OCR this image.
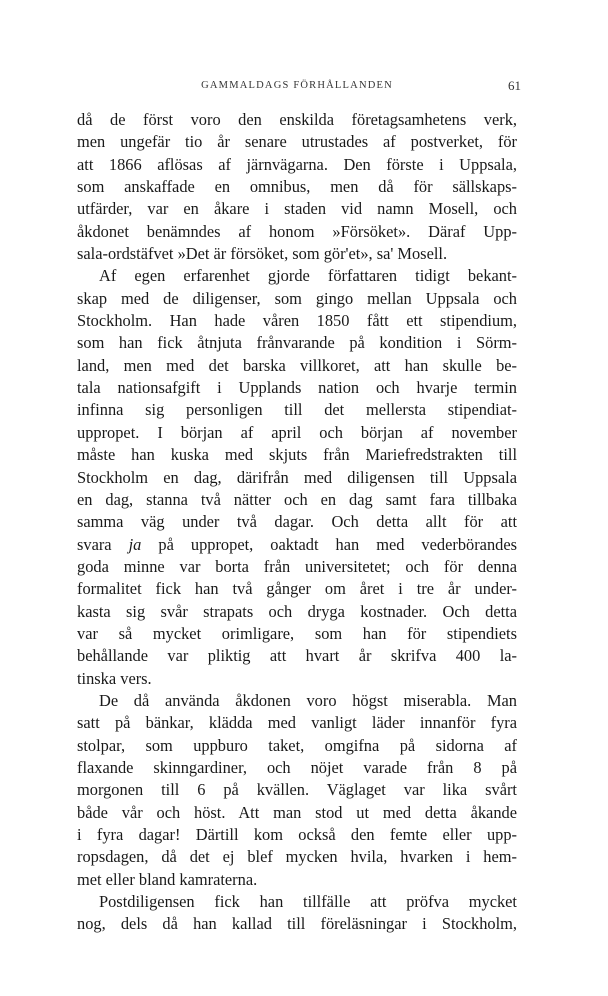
GAMMALDAGS FÖRHÅLLANDEN	61
då de först voro den enskilda företagsamhetens verk,
men ungefär tio år senare utrustades af postverket, för
att 1866 aflösas af järnvägarna. Den förste i Uppsala,
som anskaffade en omnibus, men då för sällskaps-
utfärder, var en åkare i staden vid namn Mosell, och
åkdonet benämndes af honom »Försöket». Däraf Upp-
sala-ordstäfvet »Det är försöket, som gör'et», sa' Mosell.
Af egen erfarenhet gjorde författaren tidigt bekant-
skap med de diligenser, som gingo mellan Uppsala och
Stockholm. Han hade våren 1850 fått ett stipendium,
som han fick åtnjuta frånvarande på kondition i Sörm-
land, men med det barska villkoret, att han skulle be-
tala nationsafgift i Upplands nation och hvarje termin
infinna sig personligen till det mellersta stipendiat-
uppropet. I början af april och början af november
måste han kuska med skjuts från Mariefredstrakten till
Stockholm en dag, därifrån med diligensen till Uppsala
en dag, stanna två nätter och en dag samt fara tillbaka
samma väg under två dagar. Och detta allt för att
svara ja på uppropet, oaktadt han med vederbörandes
goda minne var borta från universitetet; och för denna
formalitet fick han två gånger om året i tre år under-
kasta sig svår strapats och dryga kostnader. Och detta
var så mycket orimligare, som han för stipendiets
behållande var pliktig att hvart år skrifva 400 la-
tinska vers.
De då använda åkdonen voro högst miserabla. Man
satt på bänkar, klädda med vanligt läder innanför fyra
stolpar, som uppburo taket, omgifna på sidorna af
flaxande skinngardiner, och nöjet varade från 8 på
morgonen till 6 på kvällen. Väglaget var lika svårt
både vår och höst. Att man stod ut med detta åkande
i fyra dagar! Därtill kom också den femte eller upp-
ropsdagen, då det ej blef mycken hvila, hvarken i hem-
met eller bland kamraterna.
Postdiligensen fick han tillfälle att pröfva mycket
nog, dels då han kallad till föreläsningar i Stockholm,
